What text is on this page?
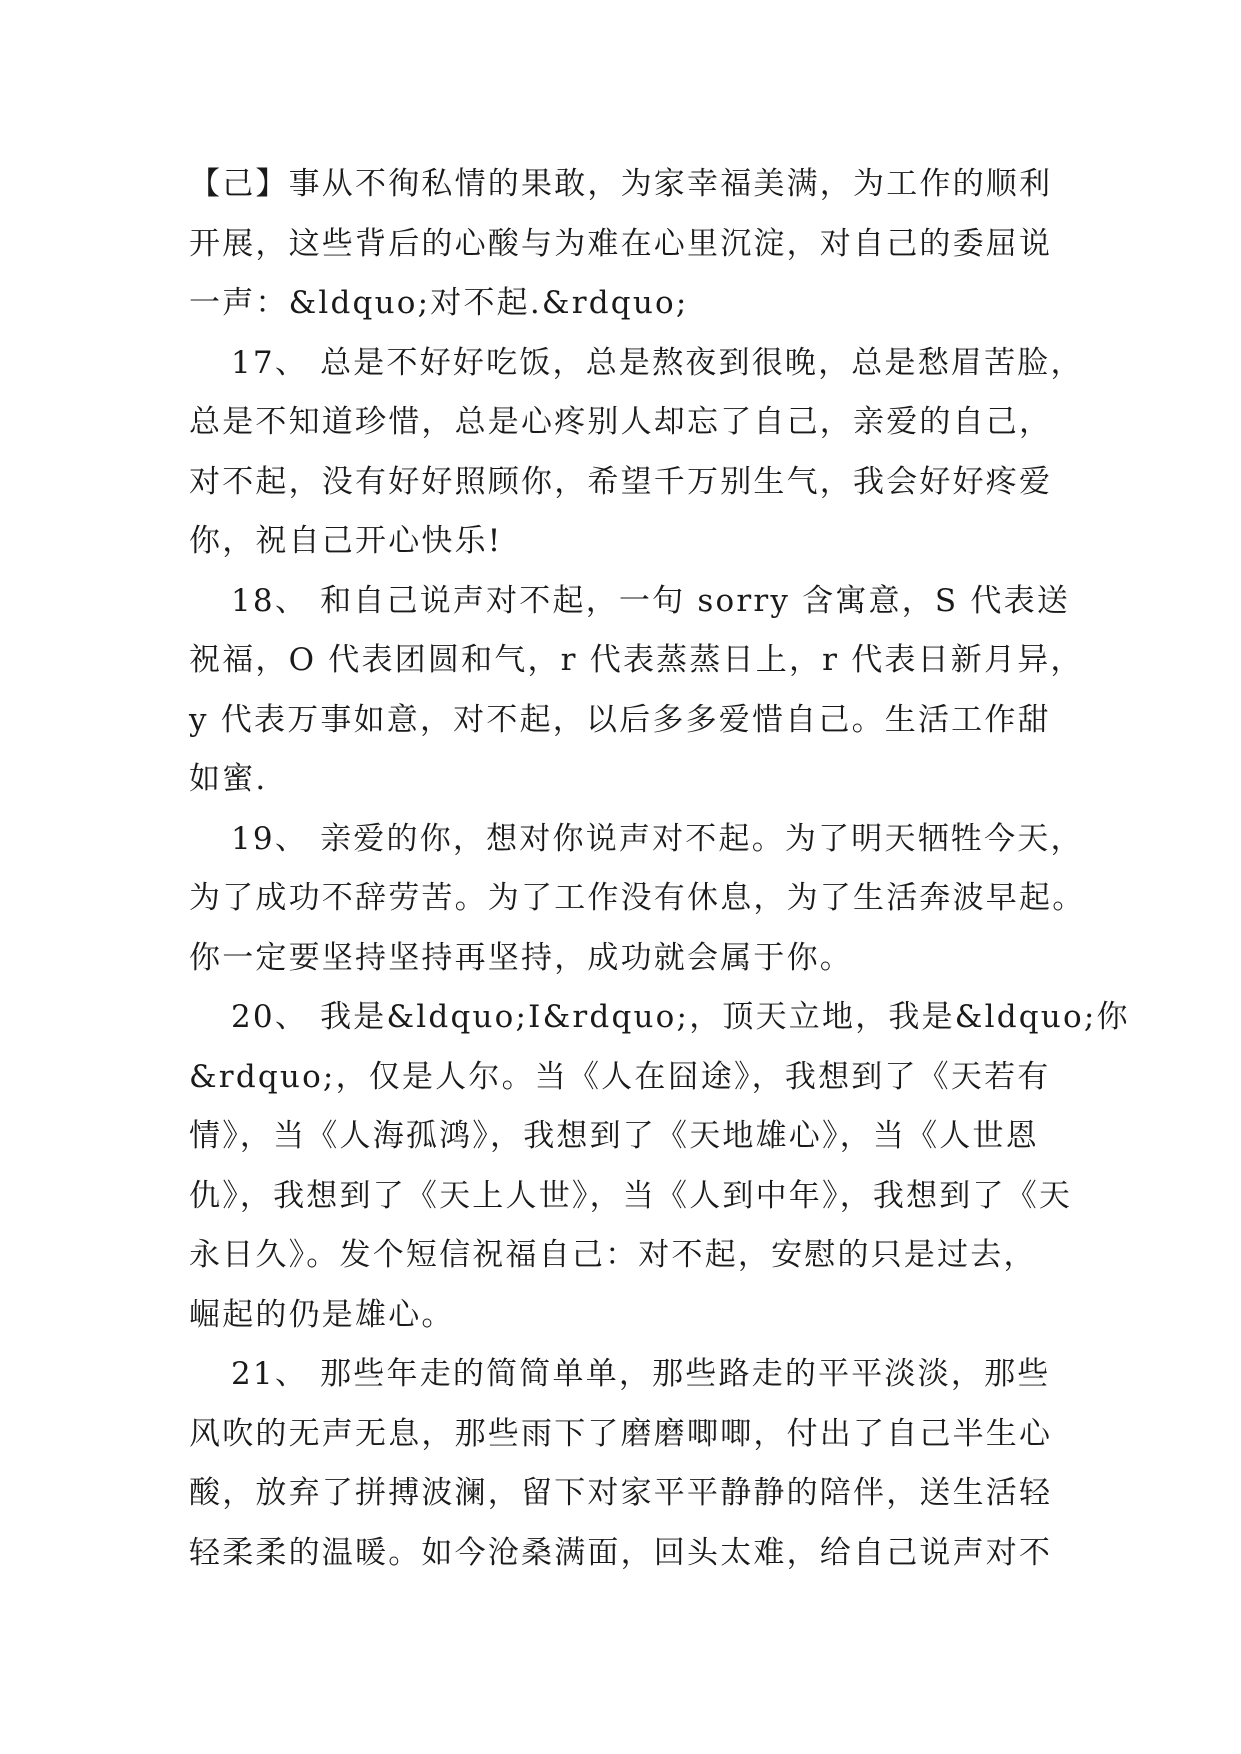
【己】事从不徇私情的果敢，为家幸福美满，为工作的顺利
开展，这些背后的心酸与为难在心里沉淀，对自己的委屈说
一声：&ldquo;对不起.&rdquo;

17、 总是不好好吃饭，总是熬夜到很晚，总是愁眉苦脸，
总是不知道珍惜，总是心疼别人却忘了自己，亲爱的自己，
对不起，没有好好照顾你，希望千万别生气，我会好好疼爱
你，祝自己开心快乐!

18、 和自己说声对不起，一句 sorry 含寓意，S 代表送
祝福，O 代表团圆和气，r 代表蒸蒸日上，r 代表日新月异，
y 代表万事如意，对不起，以后多多爱惜自己。生活工作甜
如蜜.

19、 亲爱的你，想对你说声对不起。为了明天牺牲今天，
为了成功不辞劳苦。为了工作没有休息，为了生活奔波早起。
你一定要坚持坚持再坚持，成功就会属于你。

20、 我是&ldquo;I&rdquo;，顶天立地，我是&ldquo;你
&rdquo;，仅是人尔。当《人在囧途》，我想到了《天若有
情》，当《人海孤鸿》，我想到了《天地雄心》，当《人世恩
仇》，我想到了《天上人世》，当《人到中年》，我想到了《天
永日久》。发个短信祝福自己：对不起，安慰的只是过去，
崛起的仍是雄心。

21、 那些年走的简简单单，那些路走的平平淡淡，那些
风吹的无声无息，那些雨下了磨磨唧唧，付出了自己半生心
酸，放弃了拼搏波澜，留下对家平平静静的陪伴，送生活轻
轻柔柔的温暖。如今沧桑满面，回头太难，给自己说声对不
